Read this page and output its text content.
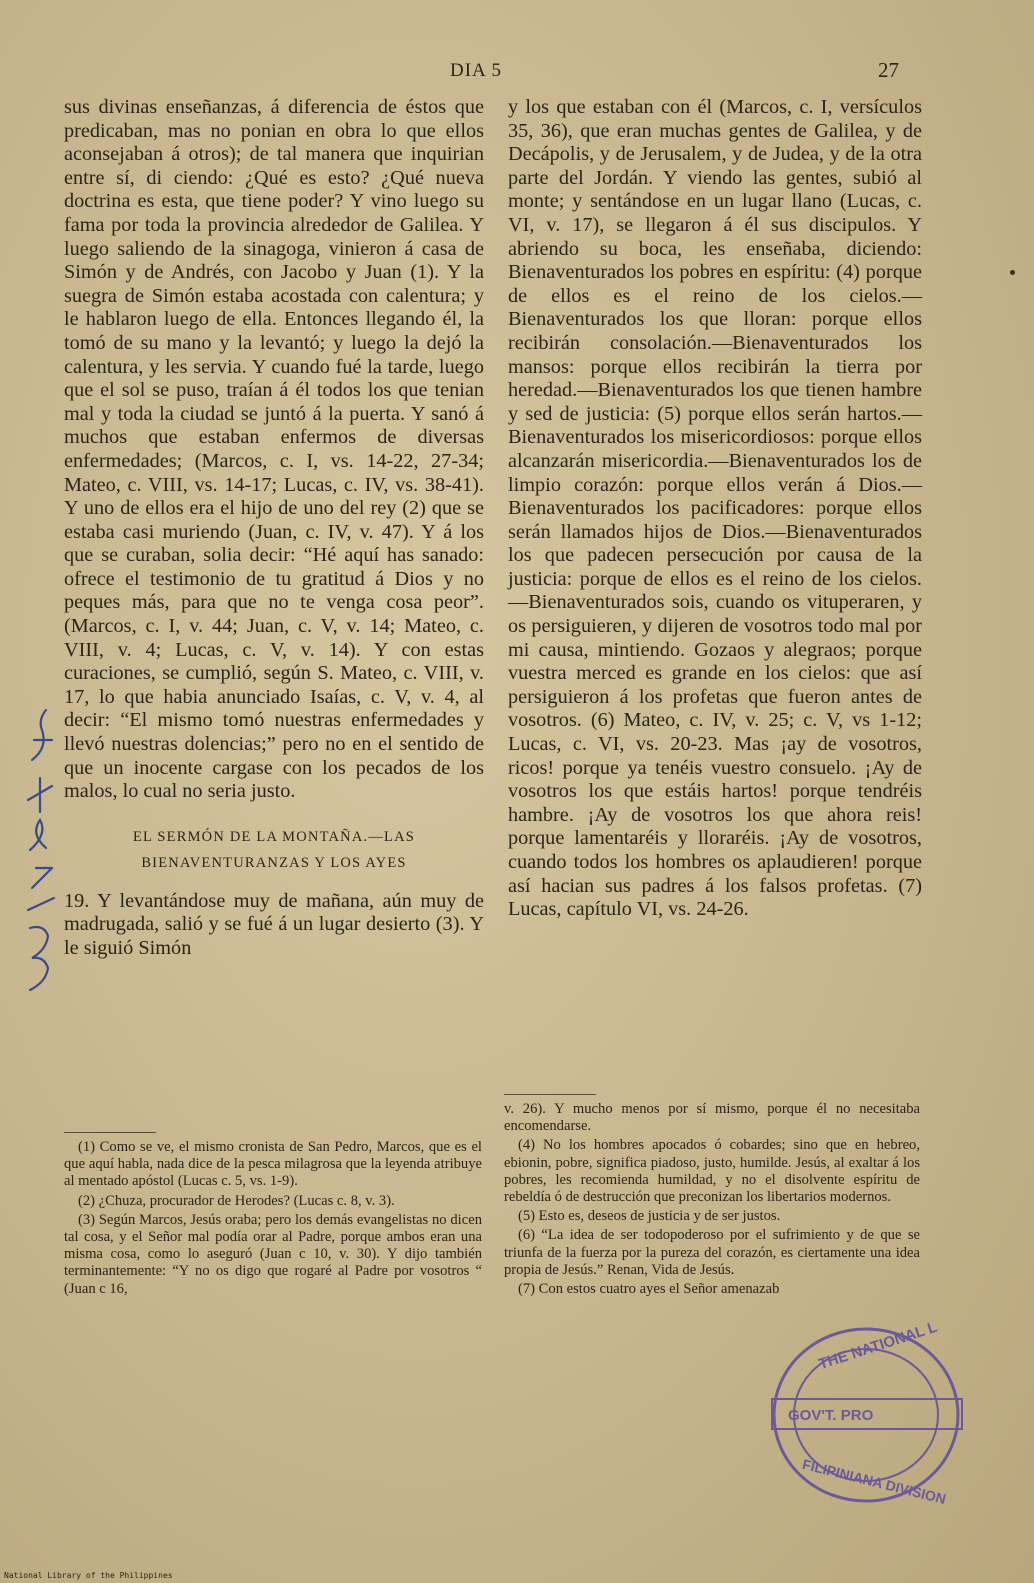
DIA 5	27

sus divinas enseñanzas, á diferencia de éstos que predicaban, mas no ponian en obra lo que ellos aconsejaban á otros); de tal manera que inquirian entre sí, di ciendo: ¿Qué es esto? ¿Qué nueva doctrina es esta, que tiene poder? Y vino luego su fama por toda la provincia alrededor de Galilea. Y luego saliendo de la sinagoga, vinieron á casa de Simón y de Andrés, con Jacobo y Juan (1). Y la suegra de Simón estaba acostada con calentura; y le hablaron luego de ella. Entonces llegando él, la tomó de su mano y la levantó; y luego la dejó la calentura, y les servia. Y cuando fué la tarde, luego que el sol se puso, traían á él todos los que tenian mal y toda la ciudad se juntó á la puerta. Y sanó á muchos que estaban enfermos de diversas enfermedades; (Marcos, c. I, vs. 14-22, 27-34; Mateo, c. VIII, vs. 14-17; Lucas, c. IV, vs. 38-41). Y uno de ellos era el hijo de uno del rey (2) que se estaba casi muriendo (Juan, c. IV, v. 47). Y á los que se curaban, solia decir: “Hé aquí has sanado: ofrece el testimonio de tu gratitud á Dios y no peques más, para que no te venga cosa peor”. (Marcos, c. I, v. 44; Juan, c. V, v. 14; Mateo, c. VIII, v. 4; Lucas, c. V, v. 14). Y con estas curaciones, se cumplió, según S. Mateo, c. VIII, v. 17, lo que habia anunciado Isaías, c. V, v. 4, al decir: “El mismo tomó nuestras enfermedades y llevó nuestras dolencias;” pero no en el sentido de que un inocente cargase con los pecados de los malos, lo cual no seria justo.

EL SERMÓN DE LA MONTAÑA.—LAS BIENAVENTURANZAS Y LOS AYES

19. Y levantándose muy de mañana, aún muy de madrugada, salió y se fué á un lugar desierto (3). Y le siguió Simón

y los que estaban con él (Marcos, c. I, versículos 35, 36), que eran muchas gentes de Galilea, y de Decápolis, y de Jerusalem, y de Judea, y de la otra parte del Jordán. Y viendo las gentes, subió al monte; y sentándose en un lugar llano (Lucas, c. VI, v. 17), se llegaron á él sus discipulos. Y abriendo su boca, les enseñaba, diciendo: Bienaventurados los pobres en espíritu: (4) porque de ellos es el reino de los cielos.—Bienaventurados los que lloran: porque ellos recibirán consolación.—Bienaventurados los mansos: porque ellos recibirán la tierra por heredad.—Bienaventurados los que tienen hambre y sed de justicia: (5) porque ellos serán hartos.—Bienaventurados los misericordiosos: porque ellos alcanzarán misericordia.—Bienaventurados los de limpio corazón: porque ellos verán á Dios.—Bienaventurados los pacificadores: porque ellos serán llamados hijos de Dios.—Bienaventurados los que padecen persecución por causa de la justicia: porque de ellos es el reino de los cielos. —Bienaventurados sois, cuando os vituperaren, y os persiguieren, y dijeren de vosotros todo mal por mi causa, mintiendo. Gozaos y alegraos; porque vuestra merced es grande en los cielos: que así persiguieron á los profetas que fueron antes de vosotros. (6) Mateo, c. IV, v. 25; c. V, vs 1-12; Lucas, c. VI, vs. 20-23. Mas ¡ay de vosotros, ricos! porque ya tenéis vuestro consuelo. ¡Ay de vosotros los que estáis hartos! porque tendréis hambre. ¡Ay de vosotros los que ahora reis! porque lamentaréis y lloraréis. ¡Ay de vosotros, cuando todos los hombres os aplaudieren! porque así hacian sus padres á los falsos profetas. (7) Lucas, capítulo VI, vs. 24-26.

(1) Como se ve, el mismo cronista de San Pedro, Marcos, que es el que aquí habla, nada dice de la pesca milagrosa que la leyenda atribuye al mentado apóstol (Lucas c. 5, vs. 1-9).

(2) ¿Chuza, procurador de Herodes? (Lucas c. 8, v. 3).

(3) Según Marcos, Jesús oraba; pero los demás evangelistas no dicen tal cosa, y el Señor mal podía orar al Padre, porque ambos eran una misma cosa, como lo aseguró (Juan c 10, v. 30). Y dijo también terminantemente: “Y no os digo que rogaré al Padre por vosotros “ (Juan c 16,

v. 26). Y mucho menos por sí mismo, porque él no necesitaba encomendarse.

(4) No los hombres apocados ó cobardes; sino que en hebreo, ebionin, pobre, significa piadoso, justo, humilde. Jesús, al exaltar á los pobres, les recomienda humildad, y no el disolvente espíritu de rebeldía ó de destrucción que preconizan los libertarios modernos.

(5) Esto es, deseos de justicia y de ser justos.

(6) “La idea de ser todopoderoso por el sufrimiento y de que se triunfa de la fuerza por la pureza del corazón, es ciertamente una idea propia de Jesús.” Renan, Vida de Jesús.

(7) Con estos cuatro ayes el Señor amenazab

THE NATIONAL L
GOV'T. PRO
FILIPINIANA DIVISION
National Library of the Philippines
